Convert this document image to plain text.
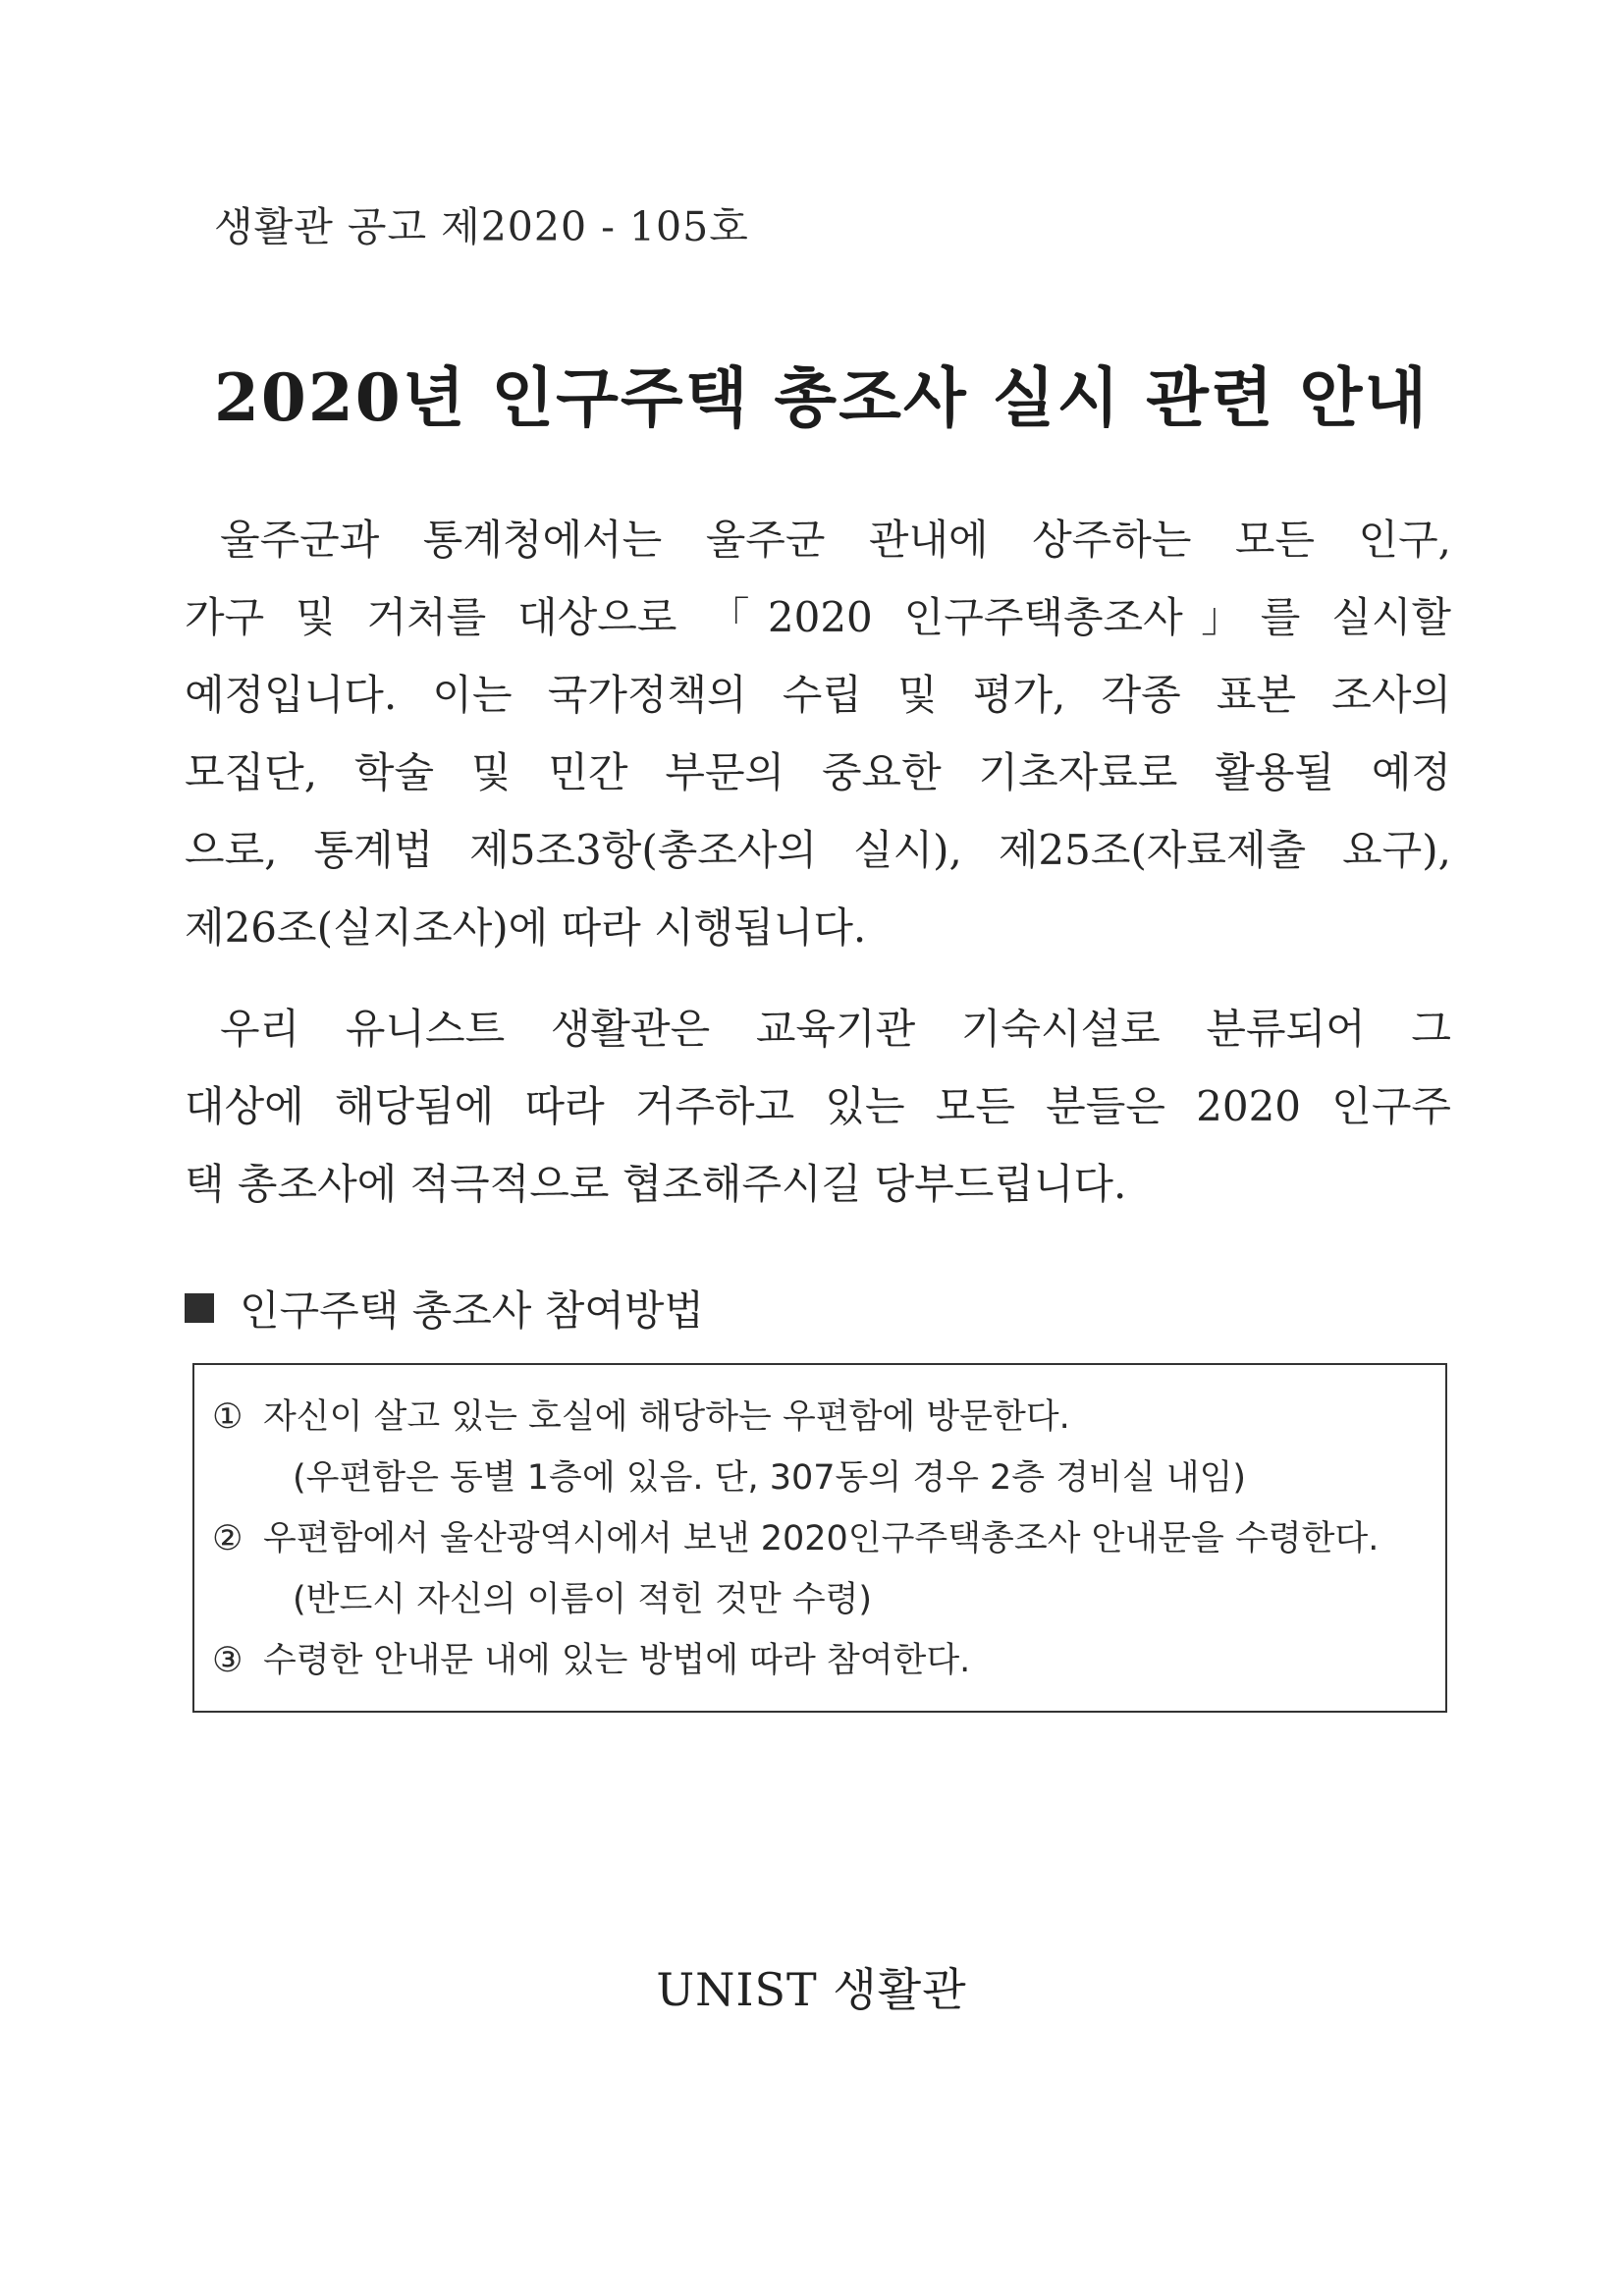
생활관 공고 제2020 - 105호
2020년 인구주택 총조사 실시 관련 안내
울주군과 통계청에서는 울주군 관내에 상주하는 모든 인구,
가구 및 거처를 대상으로 「2020 인구주택총조사」를 실시할
예정입니다. 이는 국가정책의 수립 및 평가, 각종 표본 조사의
모집단, 학술 및 민간 부문의 중요한 기초자료로 활용될 예정
으로, 통계법 제5조3항(총조사의 실시), 제25조(자료제출 요구),
제26조(실지조사)에 따라 시행됩니다.
우리 유니스트 생활관은 교육기관 기숙시설로 분류되어 그
대상에 해당됨에 따라 거주하고 있는 모든 분들은 2020 인구주
택 총조사에 적극적으로 협조해주시길 당부드립니다.
인구주택 총조사 참여방법
① 자신이 살고 있는 호실에 해당하는 우편함에 방문한다.
(우편함은 동별 1층에 있음. 단, 307동의 경우 2층 경비실 내임)
② 우편함에서 울산광역시에서 보낸 2020인구주택총조사 안내문을 수령한다.
(반드시 자신의 이름이 적힌 것만 수령)
③ 수령한 안내문 내에 있는 방법에 따라 참여한다.
UNIST 생활관
